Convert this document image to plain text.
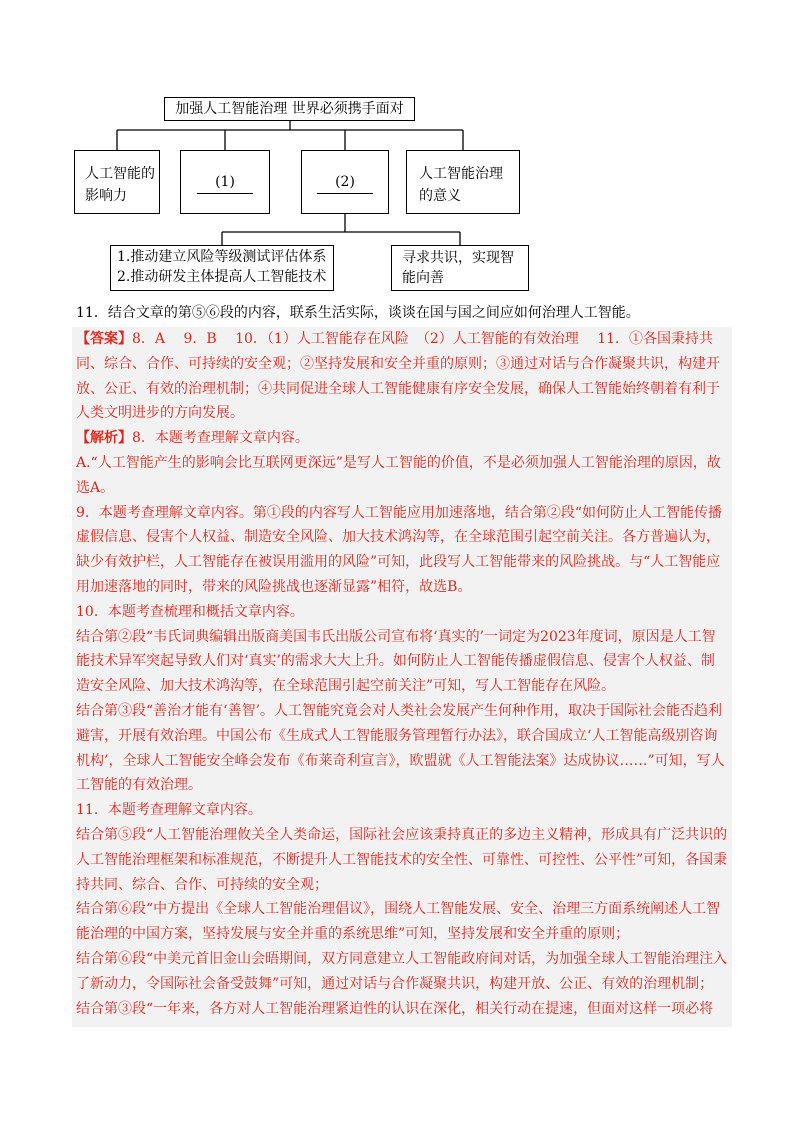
加强人工智能治理 世界必须携手面对
人工智能的影响力
(1)	(2)	人工智能治理的意义
1.推动建立风险等级测试评估体系
2.推动研发主体提高人工智能技术
寻求共识，实现智能向善
11．结合文章的第⑤⑥段的内容，联系生活实际，谈谈在国与国之间应如何治理人工智能。

【答案】8．A　 9．B　 10．（1）人工智能存在风险　（2）人工智能的有效治理　 11．①各国秉持共同、综合、合作、可持续的安全观；②坚持发展和安全并重的原则；③通过对话与合作凝聚共识，构建开放、公正、有效的治理机制；④共同促进全球人工智能健康有序安全发展，确保人工智能始终朝着有利于人类文明进步的方向发展。

【解析】8．本题考查理解文章内容。

A.“人工智能产生的影响会比互联网更深远”是写人工智能的价值，不是必须加强人工智能治理的原因，故选A。

9．本题考查理解文章内容。第①段的内容写人工智能应用加速落地，结合第②段“如何防止人工智能传播虚假信息、侵害个人权益、制造安全风险、加大技术鸿沟等，在全球范围引起空前关注。各方普遍认为，缺少有效护栏，人工智能存在被误用滥用的风险”可知，此段写人工智能带来的风险挑战。与“人工智能应用加速落地的同时，带来的风险挑战也逐渐显露”相符，故选B。

10．本题考查梳理和概括文章内容。

结合第②段“韦氏词典编辑出版商美国韦氏出版公司宣布将‘真实的’一词定为2023年度词，原因是人工智能技术异军突起导致人们对‘真实’的需求大大上升。如何防止人工智能传播虚假信息、侵害个人权益、制造安全风险、加大技术鸿沟等，在全球范围引起空前关注”可知，写人工智能存在风险。

结合第③段“善治才能有‘善智’。人工智能究竟会对人类社会发展产生何种作用，取决于国际社会能否趋利避害，开展有效治理。中国公布《生成式人工智能服务管理暂行办法》，联合国成立‘人工智能高级别咨询机构’，全球人工智能安全峰会发布《布莱奇利宣言》，欧盟就《人工智能法案》达成协议……”可知，写人工智能的有效治理。

11．本题考查理解文章内容。

结合第⑤段“人工智能治理攸关全人类命运，国际社会应该秉持真正的多边主义精神，形成具有广泛共识的人工智能治理框架和标准规范，不断提升人工智能技术的安全性、可靠性、可控性、公平性”可知，各国秉持共同、综合、合作、可持续的安全观；

结合第⑥段“中方提出《全球人工智能治理倡议》，围绕人工智能发展、安全、治理三方面系统阐述人工智能治理的中国方案，坚持发展与安全并重的系统思维”可知，坚持发展和安全并重的原则；

结合第⑥段“中美元首旧金山会晤期间，双方同意建立人工智能政府间对话，为加强全球人工智能治理注入了新动力，令国际社会备受鼓舞”可知，通过对话与合作凝聚共识，构建开放、公正、有效的治理机制；

结合第③段“一年来，各方对人工智能治理紧迫性的认识在深化，相关行动在提速，但面对这样一项必将
